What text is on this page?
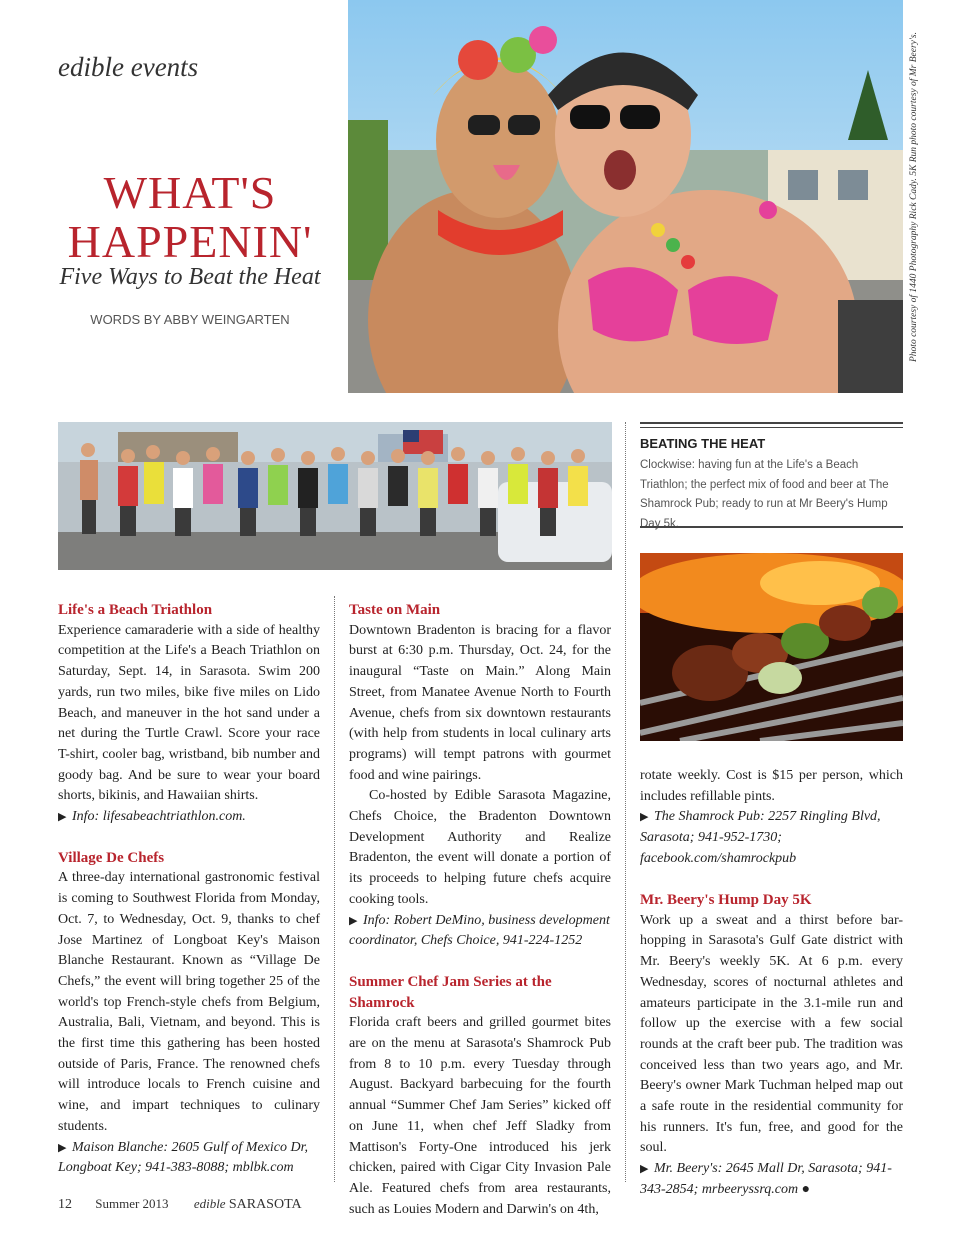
edible events
WHAT'S
HAPPENIN'
Five Ways to Beat the Heat
WORDS BY ABBY WEINGARTEN	Photo courtesy of 1440 Photography Rick Cady. 5K Run photo courtesy of Mr Beery's.
BEATING THE HEAT
Clockwise: having fun at the Life's a Beach Triathlon; the perfect mix of food and beer at The Shamrock Pub; ready to run at Mr Beery's Hump Day 5k.

Life's a Beach Triathlon

Experience camaraderie with a side of healthy competition at the Life's a Beach Triathlon on Saturday, Sept. 14, in Sarasota. Swim 200 yards, run two miles, bike five miles on Lido Beach, and maneuver in the hot sand under a net during the Turtle Crawl. Score your race T-shirt, cooler bag, wristband, bib number and goody bag. And be sure to wear your board shorts, bikinis, and Hawaiian shirts.

▶ Info: lifesabeachtriathlon.com.

Village De Chefs

A three-day international gastronomic festival is coming to Southwest Florida from Monday, Oct. 7, to Wednesday, Oct. 9, thanks to chef Jose Martinez of Longboat Key's Maison Blanche Restaurant. Known as “Village De Chefs,” the event will bring together 25 of the world's top French-style chefs from Belgium, Australia, Bali, Vietnam, and beyond. This is the first time this gathering has been hosted outside of Paris, France. The renowned chefs will introduce locals to French cuisine and wine, and impart techniques to culinary students.

▶ Maison Blanche: 2605 Gulf of Mexico Dr, Longboat Key; 941-383-8088; mblbk.com

Taste on Main

Downtown Bradenton is bracing for a flavor burst at 6:30 p.m. Thursday, Oct. 24, for the inaugural “Taste on Main.” Along Main Street, from Manatee Avenue North to Fourth Avenue, chefs from six downtown restaurants (with help from students in local culinary arts programs) will tempt patrons with gourmet food and wine pairings.

Co-hosted by Edible Sarasota Magazine, Chefs Choice, the Bradenton Downtown Development Authority and Realize Bradenton, the event will donate a portion of its proceeds to helping future chefs acquire cooking tools.

▶ Info: Robert DeMino, business development coordinator, Chefs Choice, 941-224-1252

Summer Chef Jam Series at the Shamrock

Florida craft beers and grilled gourmet bites are on the menu at Sarasota's Shamrock Pub from 8 to 10 p.m. every Tuesday through August. Backyard barbecuing for the fourth annual “Summer Chef Jam Series” kicked off on June 11, when chef Jeff Sladky from Mattison's Forty-One introduced his jerk chicken, paired with Cigar City Invasion Pale Ale. Featured chefs from area restaurants, such as Louies Modern and Darwin's on 4th,

rotate weekly. Cost is $15 per person, which includes refillable pints.

▶ The Shamrock Pub: 2257 Ringling Blvd, Sarasota; 941-952-1730; facebook.com/shamrockpub

Mr. Beery's Hump Day 5K

Work up a sweat and a thirst before bar-hopping in Sarasota's Gulf Gate district with Mr. Beery's weekly 5K. At 6 p.m. every Wednesday, scores of nocturnal athletes and amateurs participate in the 3.1-mile run and follow up the exercise with a few social rounds at the craft beer pub. The tradition was conceived less than two years ago, and Mr. Beery's owner Mark Tuchman helped map out a safe route in the residential community for his runners. It's fun, free, and good for the soul.

▶ Mr. Beery's: 2645 Mall Dr, Sarasota; 941-343-2854; mrbeeryssrq.com ●

12 Summer 2013 edible SARASOTA
